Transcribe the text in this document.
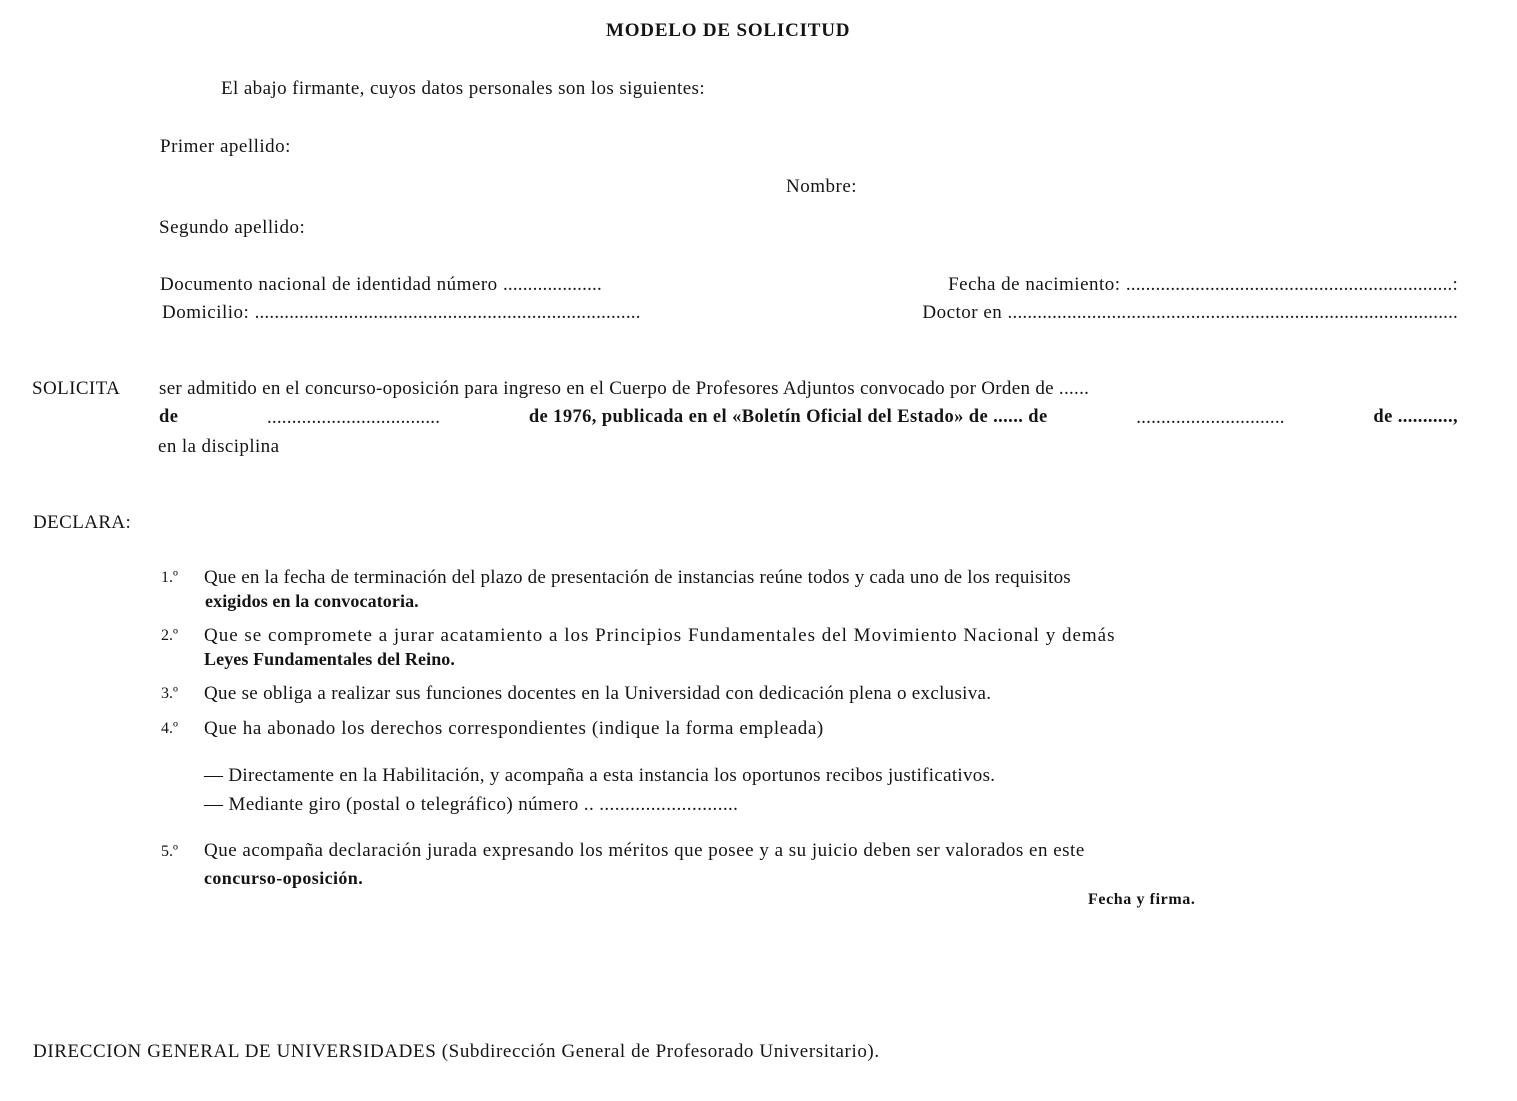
MODELO DE SOLICITUD
El abajo firmante, cuyos datos personales son los siguientes:
Primer apellido:
Nombre:
Segundo apellido:
Documento nacional de identidad número ....................	Fecha de nacimiento: ..................................................................:
Domicilio: ..............................................................................	Doctor en ...........................................................................................
SOLICITA ser admitido en el concurso-oposición para ingreso en el Cuerpo de Profesores Adjuntos convocado por Orden de ......
de	...................................	de 1976, publicada en el «Boletín Oficial del Estado» de ...... de	..............................	de ...........,
en la disciplina
DECLARA:
1.º Que en la fecha de terminación del plazo de presentación de instancias reúne todos y cada uno de los requisitos
exigidos en la convocatoria.
2.º Que se compromete a jurar acatamiento a los Principios Fundamentales del Movimiento Nacional y demás
Leyes Fundamentales del Reino.
3.º Que se obliga a realizar sus funciones docentes en la Universidad con dedicación plena o exclusiva.
4.º Que ha abonado los derechos correspondientes (indique la forma empleada)
— Directamente en la Habilitación, y acompaña a esta instancia los oportunos recibos justificativos.
— Mediante giro (postal o telegráfico) número .. ...........................
5.º Que acompaña declaración jurada expresando los méritos que posee y a su juicio deben ser valorados en este
concurso-oposición.
Fecha y firma.
DIRECCION GENERAL DE UNIVERSIDADES (Subdirección General de Profesorado Universitario).
